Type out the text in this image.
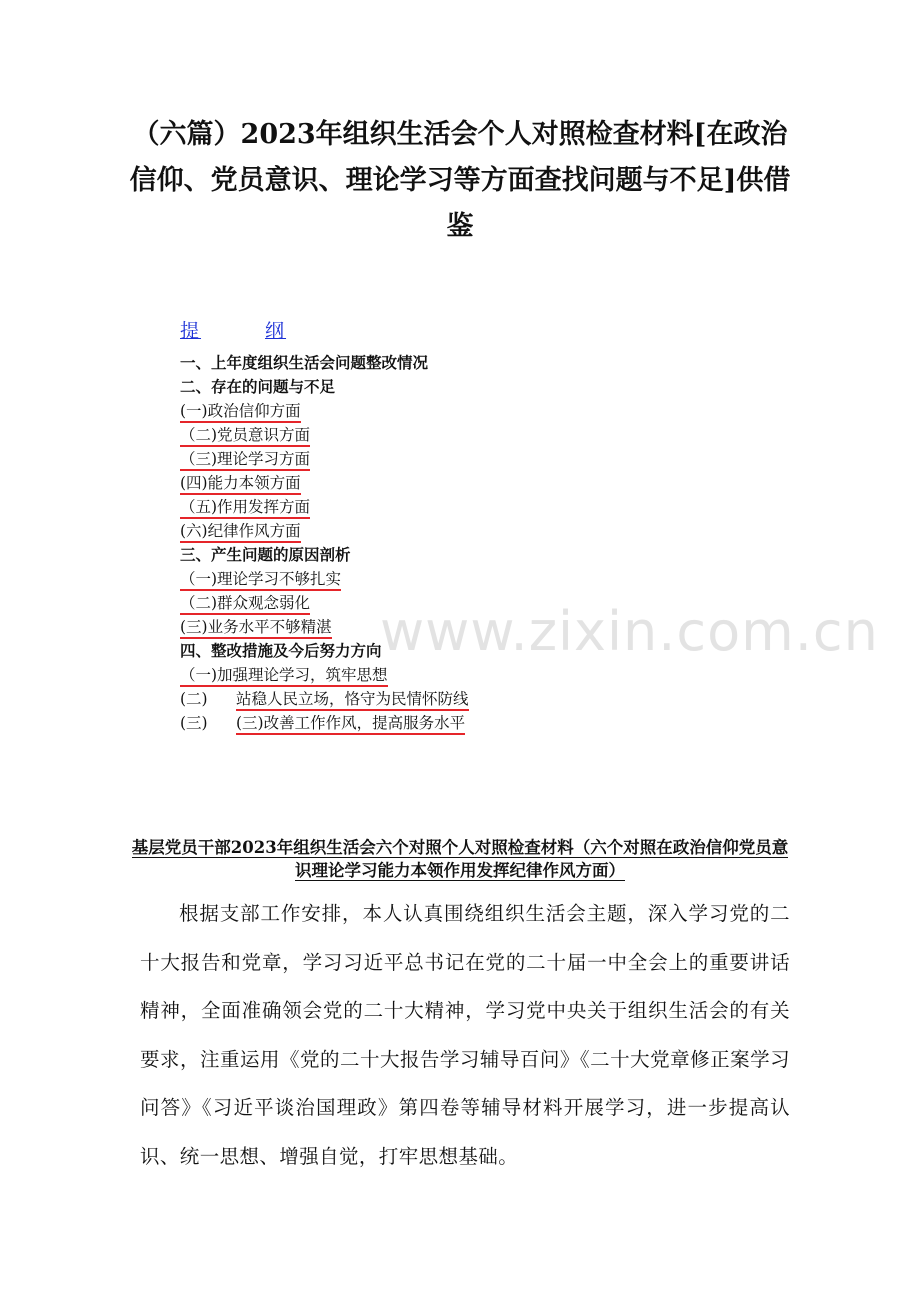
www.zixin.com.cn
（六篇）2023年组织生活会个人对照检查材料[在政治信仰、党员意识、理论学习等方面查找问题与不足]供借鉴
提	纲
一、上年度组织生活会问题整改情况
二、存在的问题与不足
(一)政治信仰方面
（二)党员意识方面
（三)理论学习方面
(四)能力本领方面
（五)作用发挥方面
(六)纪律作风方面
三、产生问题的原因剖析
（一)理论学习不够扎实
（二)群众观念弱化
(三)业务水平不够精湛
四、整改措施及今后努力方向
（一)加强理论学习，筑牢思想
(二) 站稳人民立场，恪守为民情怀防线
(三) (三)改善工作作风，提高服务水平
基层党员干部2023年组织生活会六个对照个人对照检查材料（六个对照在政治信仰党员意识理论学习能力本领作用发挥纪律作风方面）
根据支部工作安排，本人认真围绕组织生活会主题，深入学习党的二十大报告和党章，学习习近平总书记在党的二十届一中全会上的重要讲话精神，全面准确领会党的二十大精神，学习党中央关于组织生活会的有关要求，注重运用《党的二十大报告学习辅导百问》《二十大党章修正案学习问答》《习近平谈治国理政》第四卷等辅导材料开展学习，进一步提高认识、统一思想、增强自觉，打牢思想基础。
